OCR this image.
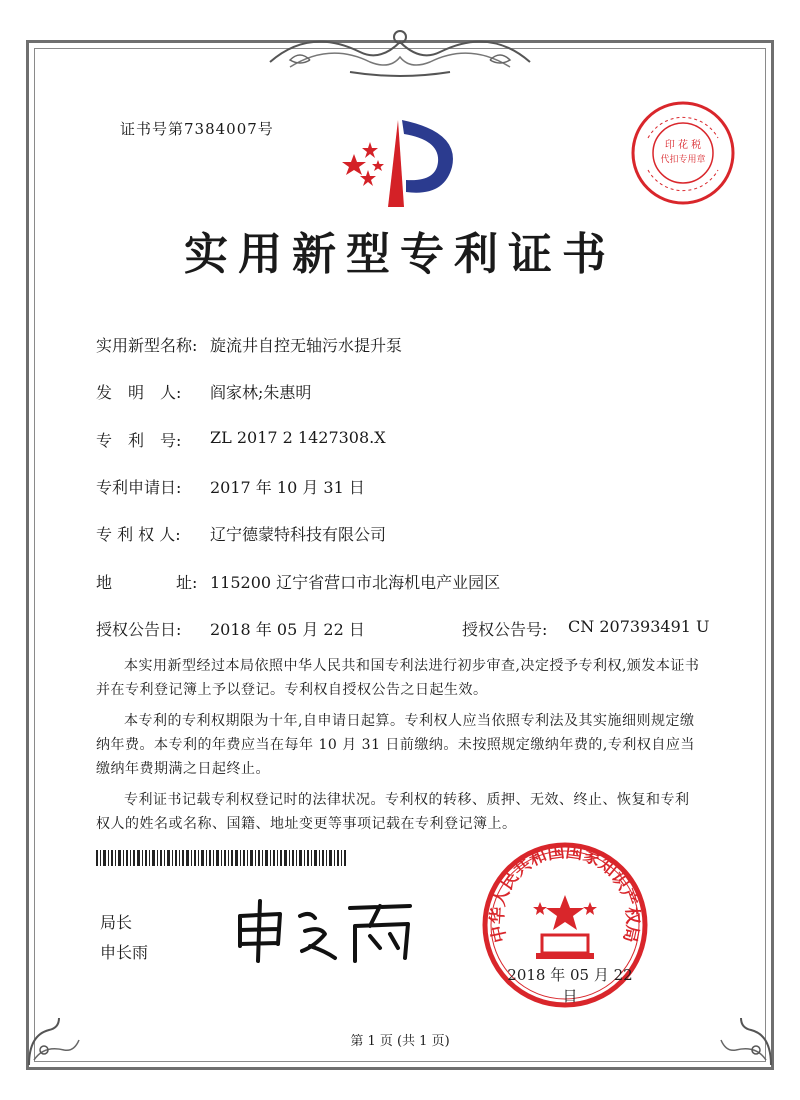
证书号第7384007号
印 花 税
代扣专用章
实用新型专利证书
实用新型名称: 旋流井自控无轴污水提升泵
发　明　人: 阎家林;朱惠明
专　利　号: ZL 2017 2 1427308.X
专利申请日: 2017 年 10 月 31 日
专 利 权 人: 辽宁德蒙特科技有限公司
地　　　　址: 115200 辽宁省营口市北海机电产业园区
授权公告日: 2018 年 05 月 22 日	授权公告号: CN 207393491 U
本实用新型经过本局依照中华人民共和国专利法进行初步审查,决定授予专利权,颁发本证书并在专利登记簿上予以登记。专利权自授权公告之日起生效。
本专利的专利权期限为十年,自申请日起算。专利权人应当依照专利法及其实施细则规定缴纳年费。本专利的年费应当在每年 10 月 31 日前缴纳。未按照规定缴纳年费的,专利权自应当缴纳年费期满之日起终止。
专利证书记载专利权登记时的法律状况。专利权的转移、质押、无效、终止、恢复和专利权人的姓名或名称、国籍、地址变更等事项记载在专利登记簿上。
局长
申长雨
中华人民共和国国家知识产权局
2018 年 05 月 22 日
第 1 页 (共 1 页)
